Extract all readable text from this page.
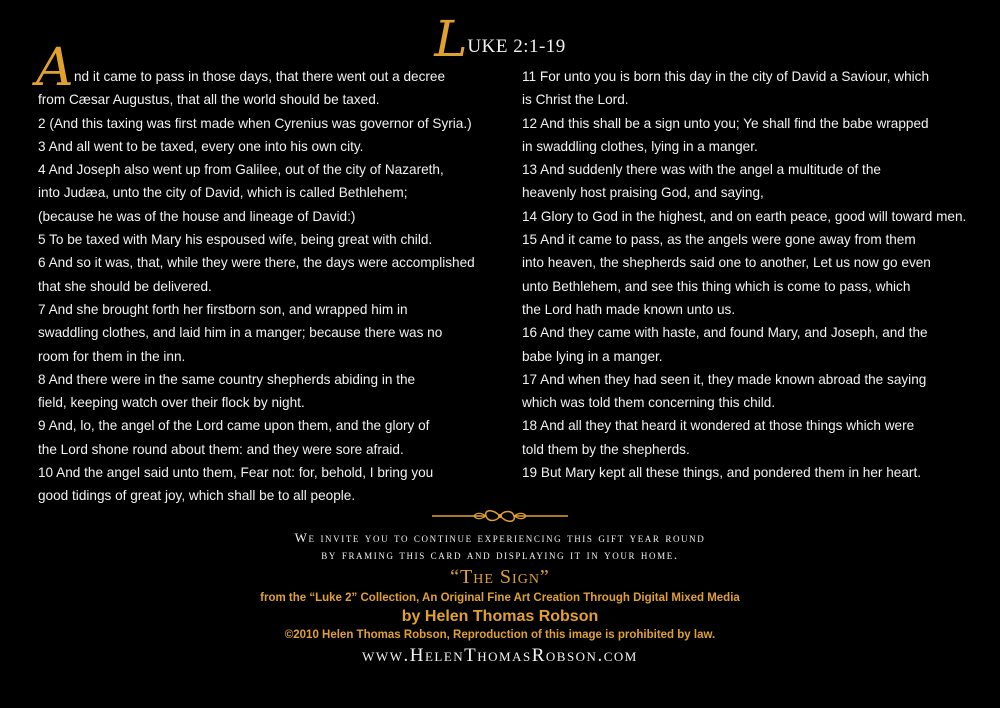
LUKE 2:1-19
A nd it came to pass in those days, that there went out a decree
from Cæsar Augustus, that all the world should be taxed.
2 (And this taxing was first made when Cyrenius was governor of Syria.)
3 And all went to be taxed, every one into his own city.
4 And Joseph also went up from Galilee, out of the city of Nazareth,
into Judæa, unto the city of David, which is called Bethlehem;
(because he was of the house and lineage of David:)
5 To be taxed with Mary his espoused wife, being great with child.
6 And so it was, that, while they were there, the days were accomplished
that she should be delivered.
7 And she brought forth her firstborn son, and wrapped him in
swaddling clothes, and laid him in a manger; because there was no
room for them in the inn.
8 And there were in the same country shepherds abiding in the
field, keeping watch over their flock by night.
9 And, lo, the angel of the Lord came upon them, and the glory of
the Lord shone round about them: and they were sore afraid.
10 And the angel said unto them, Fear not: for, behold, I bring you
good tidings of great joy, which shall be to all people.
11 For unto you is born this day in the city of David a Saviour, which
is Christ the Lord.
12 And this shall be a sign unto you; Ye shall find the babe wrapped
in swaddling clothes, lying in a manger.
13 And suddenly there was with the angel a multitude of the
heavenly host praising God, and saying,
14 Glory to God in the highest, and on earth peace, good will toward men.
15 And it came to pass, as the angels were gone away from them
into heaven, the shepherds said one to another, Let us now go even
unto Bethlehem, and see this thing which is come to pass, which
the Lord hath made known unto us.
16 And they came with haste, and found Mary, and Joseph, and the
babe lying in a manger.
17 And when they had seen it, they made known abroad the saying
which was told them concerning this child.
18 And all they that heard it wondered at those things which were
told them by the shepherds.
19 But Mary kept all these things, and pondered them in her heart.
We invite you to continue experiencing this gift year round
by framing this card and displaying it in your home.
“The Sign”
from the “Luke 2” Collection, An Original Fine Art Creation Through Digital Mixed Media
by Helen Thomas Robson
©2010 Helen Thomas Robson, Reproduction of this image is prohibited by law.
www.HelenThomasRobson.com
